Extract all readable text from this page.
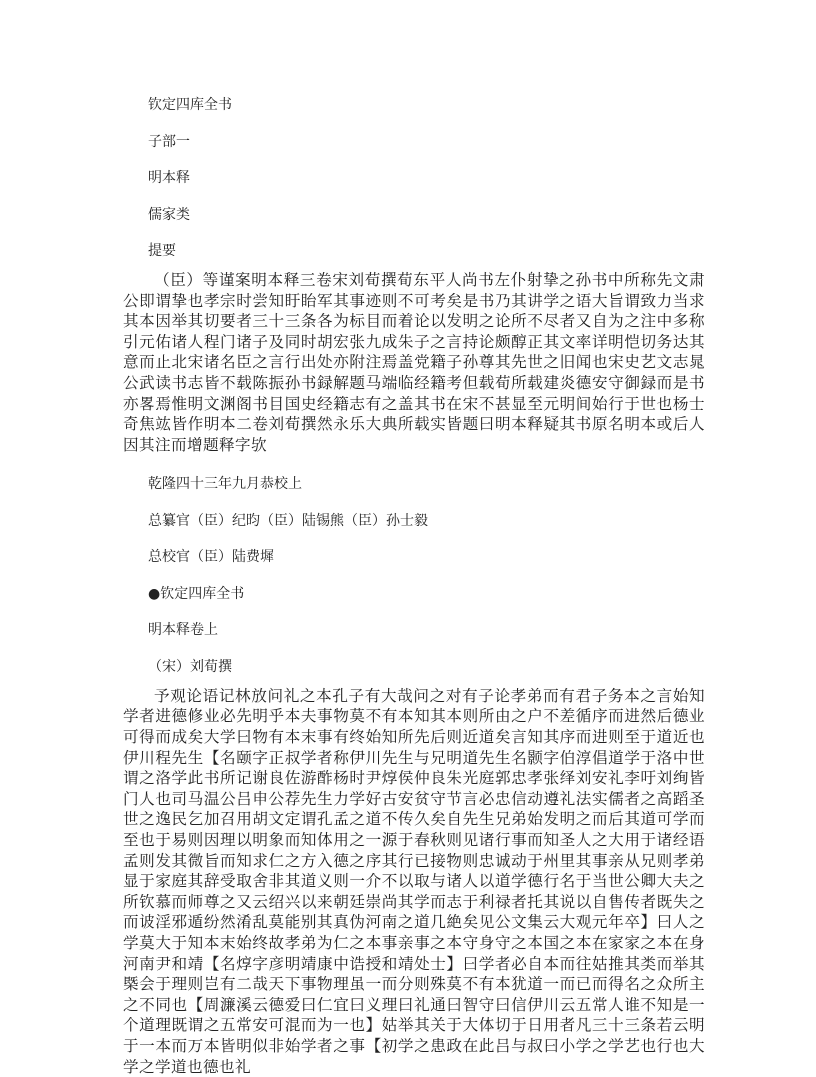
钦定四库全书
子部一
明本释
儒家类
提要

（臣）等谨案明本释三卷宋刘荀撰荀东平人尚书左仆射挚之孙书中所称先文肃公即谓挚也孝宗时尝知盱眙军其事迹则不可考矣是书乃其讲学之语大旨谓致力当求其本因举其切要者三十三条各为标目而着论以发明之论所不尽者又自为之注中多称引元佑诸人程门诸子及同时胡宏张九成朱子之言持论颇醇正其文率详明恺切务达其意而止北宋诸名臣之言行出处亦附注焉盖党籍子孙尊其先世之旧闻也宋史艺文志晁公武读书志皆不载陈振孙书録解题马端临经籍考但载荀所载建炎德安守御録而是书亦畧焉惟明文渊阁书目国史经籍志有之盖其书在宋不甚显至元明间始行于世也杨士奇焦竑皆作明本二卷刘荀撰然永乐大典所载实皆题曰明本释疑其书原名明本或后人因其注而增题释字欤

乾隆四十三年九月恭校上
总纂官（臣）纪昀（臣）陆锡熊（臣）孙士毅
总校官（臣）陆费墀
●钦定四库全书
明本释卷上
（宋）刘荀撰

予观论语记林放问礼之本孔子有大哉问之对有子论孝弟而有君子务本之言始知学者进德修业必先明乎本夫事物莫不有本知其本则所由之户不差循序而进然后德业可得而成矣大学曰物有本末事有终始知所先后则近道矣言知其序而进则至于道近也伊川程先生【名颐字正叔学者称伊川先生与兄明道先生名颢字伯淳倡道学于洛中世谓之洛学此书所记谢良佐游酢杨时尹焞侯仲良朱光庭郭忠孝张绎刘安礼李吁刘绚皆门人也司马温公吕申公荐先生力学好古安贫守节言必忠信动遵礼法实儒者之高蹈圣世之逸民乞加召用胡文定谓孔孟之道不传久矣自先生兄弟始发明之而后其道可学而至也于易则因理以明象而知体用之一源于春秋则见诸行事而知圣人之大用于诸经语孟则发其微旨而知求仁之方入德之序其行已接物则忠诚动于州里其事亲从兄则孝弟显于家庭其辞受取舍非其道义则一介不以取与诸人以道学德行名于当世公卿大夫之所钦慕而师尊之又云绍兴以来朝廷崇尚其学而志于利禄者托其说以自售传者既失之而诐淫邪遁纷然淆乱莫能别其真伪河南之道几絶矣见公文集云大观元年卒】曰人之学莫大于知本末始终故孝弟为仁之本事亲事之本守身守之本国之本在家家之本在身河南尹和靖【名焞字彦明靖康中诰授和靖处士】曰学者必自本而往姑推其类而举其槩会于理则岂有二哉天下事物理虽一而分则殊莫不有本犹道一而已而得名之众所主之不同也【周濂溪云德爱曰仁宜曰义理曰礼通曰智守曰信伊川云五常人谁不知是一个道理既谓之五常安可混而为一也】姑举其关于大体切于日用者凡三十三条若云明于一本而万本皆明似非始学者之事【初学之患政在此吕与叔曰小学之学艺也行也大学之学道也德也礼
